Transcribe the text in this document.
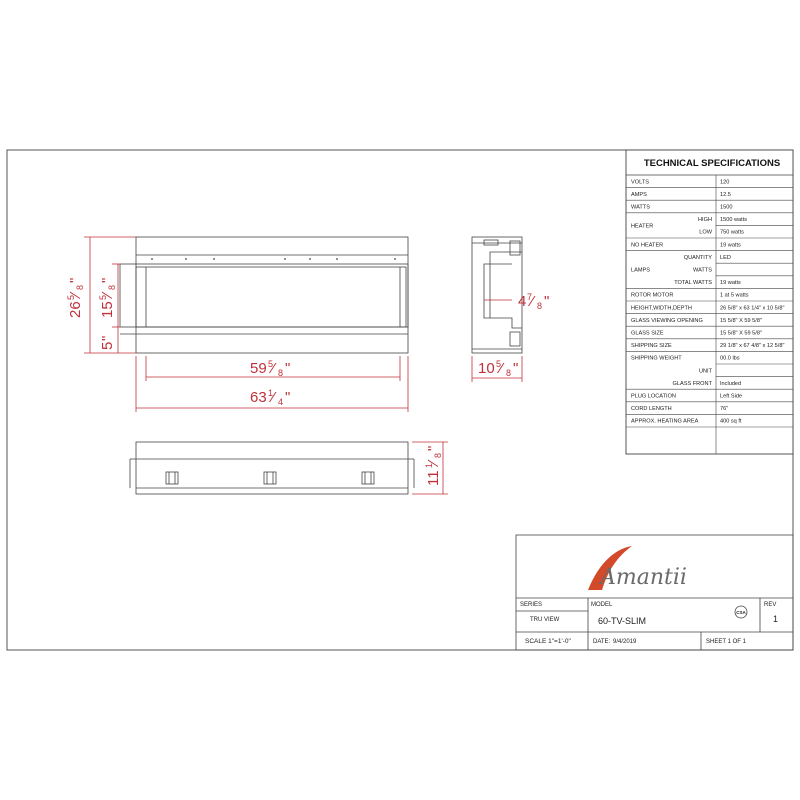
26
5
⁄
8
"
15
5
⁄
8
"
5
"
59 5
⁄ 8 "
63 1
⁄ 4 "
4 7
⁄ 8 "
10 5
⁄ 8 "
11
1
⁄
8
"
TECHNICAL SPECIFICATIONS
VOLTS	120
AMPS	12.5
WATTS	1500
HEATER
HIGH 1500 watts
LOW 750 watts
NO HEATER	19 watts
LAMPS
QUANTITY LED
WATTS
TOTAL WATTS 19 watts
ROTOR MOTOR	1 at 5 watts
HEIGHT,WIDTH,DEPTH	26 5/8" x 63 1/4" x 10 5/8"
GLASS VIEWING OPENING	15 5/8" X 59 5/8"
GLASS SIZE	15 5/8" X 59 5/8"
SHIPPING SIZE	29 1/8" x 67 4/8" x 12 5/8"
SHIPPING WEIGHT	00.0 lbs
UNIT
GLASS FRONT Included
PLUG LOCATION	Left Side
CORD LENGTH	76"
APPROX. HEATING AREA	400 sq ft
Amantii
SERIES
TRU VIEW
MODEL
60-TV-SLIM
CSA
REV
1
SCALE 1"=1'-0"	DATE: 9/4/2019	SHEET 1 OF 1
